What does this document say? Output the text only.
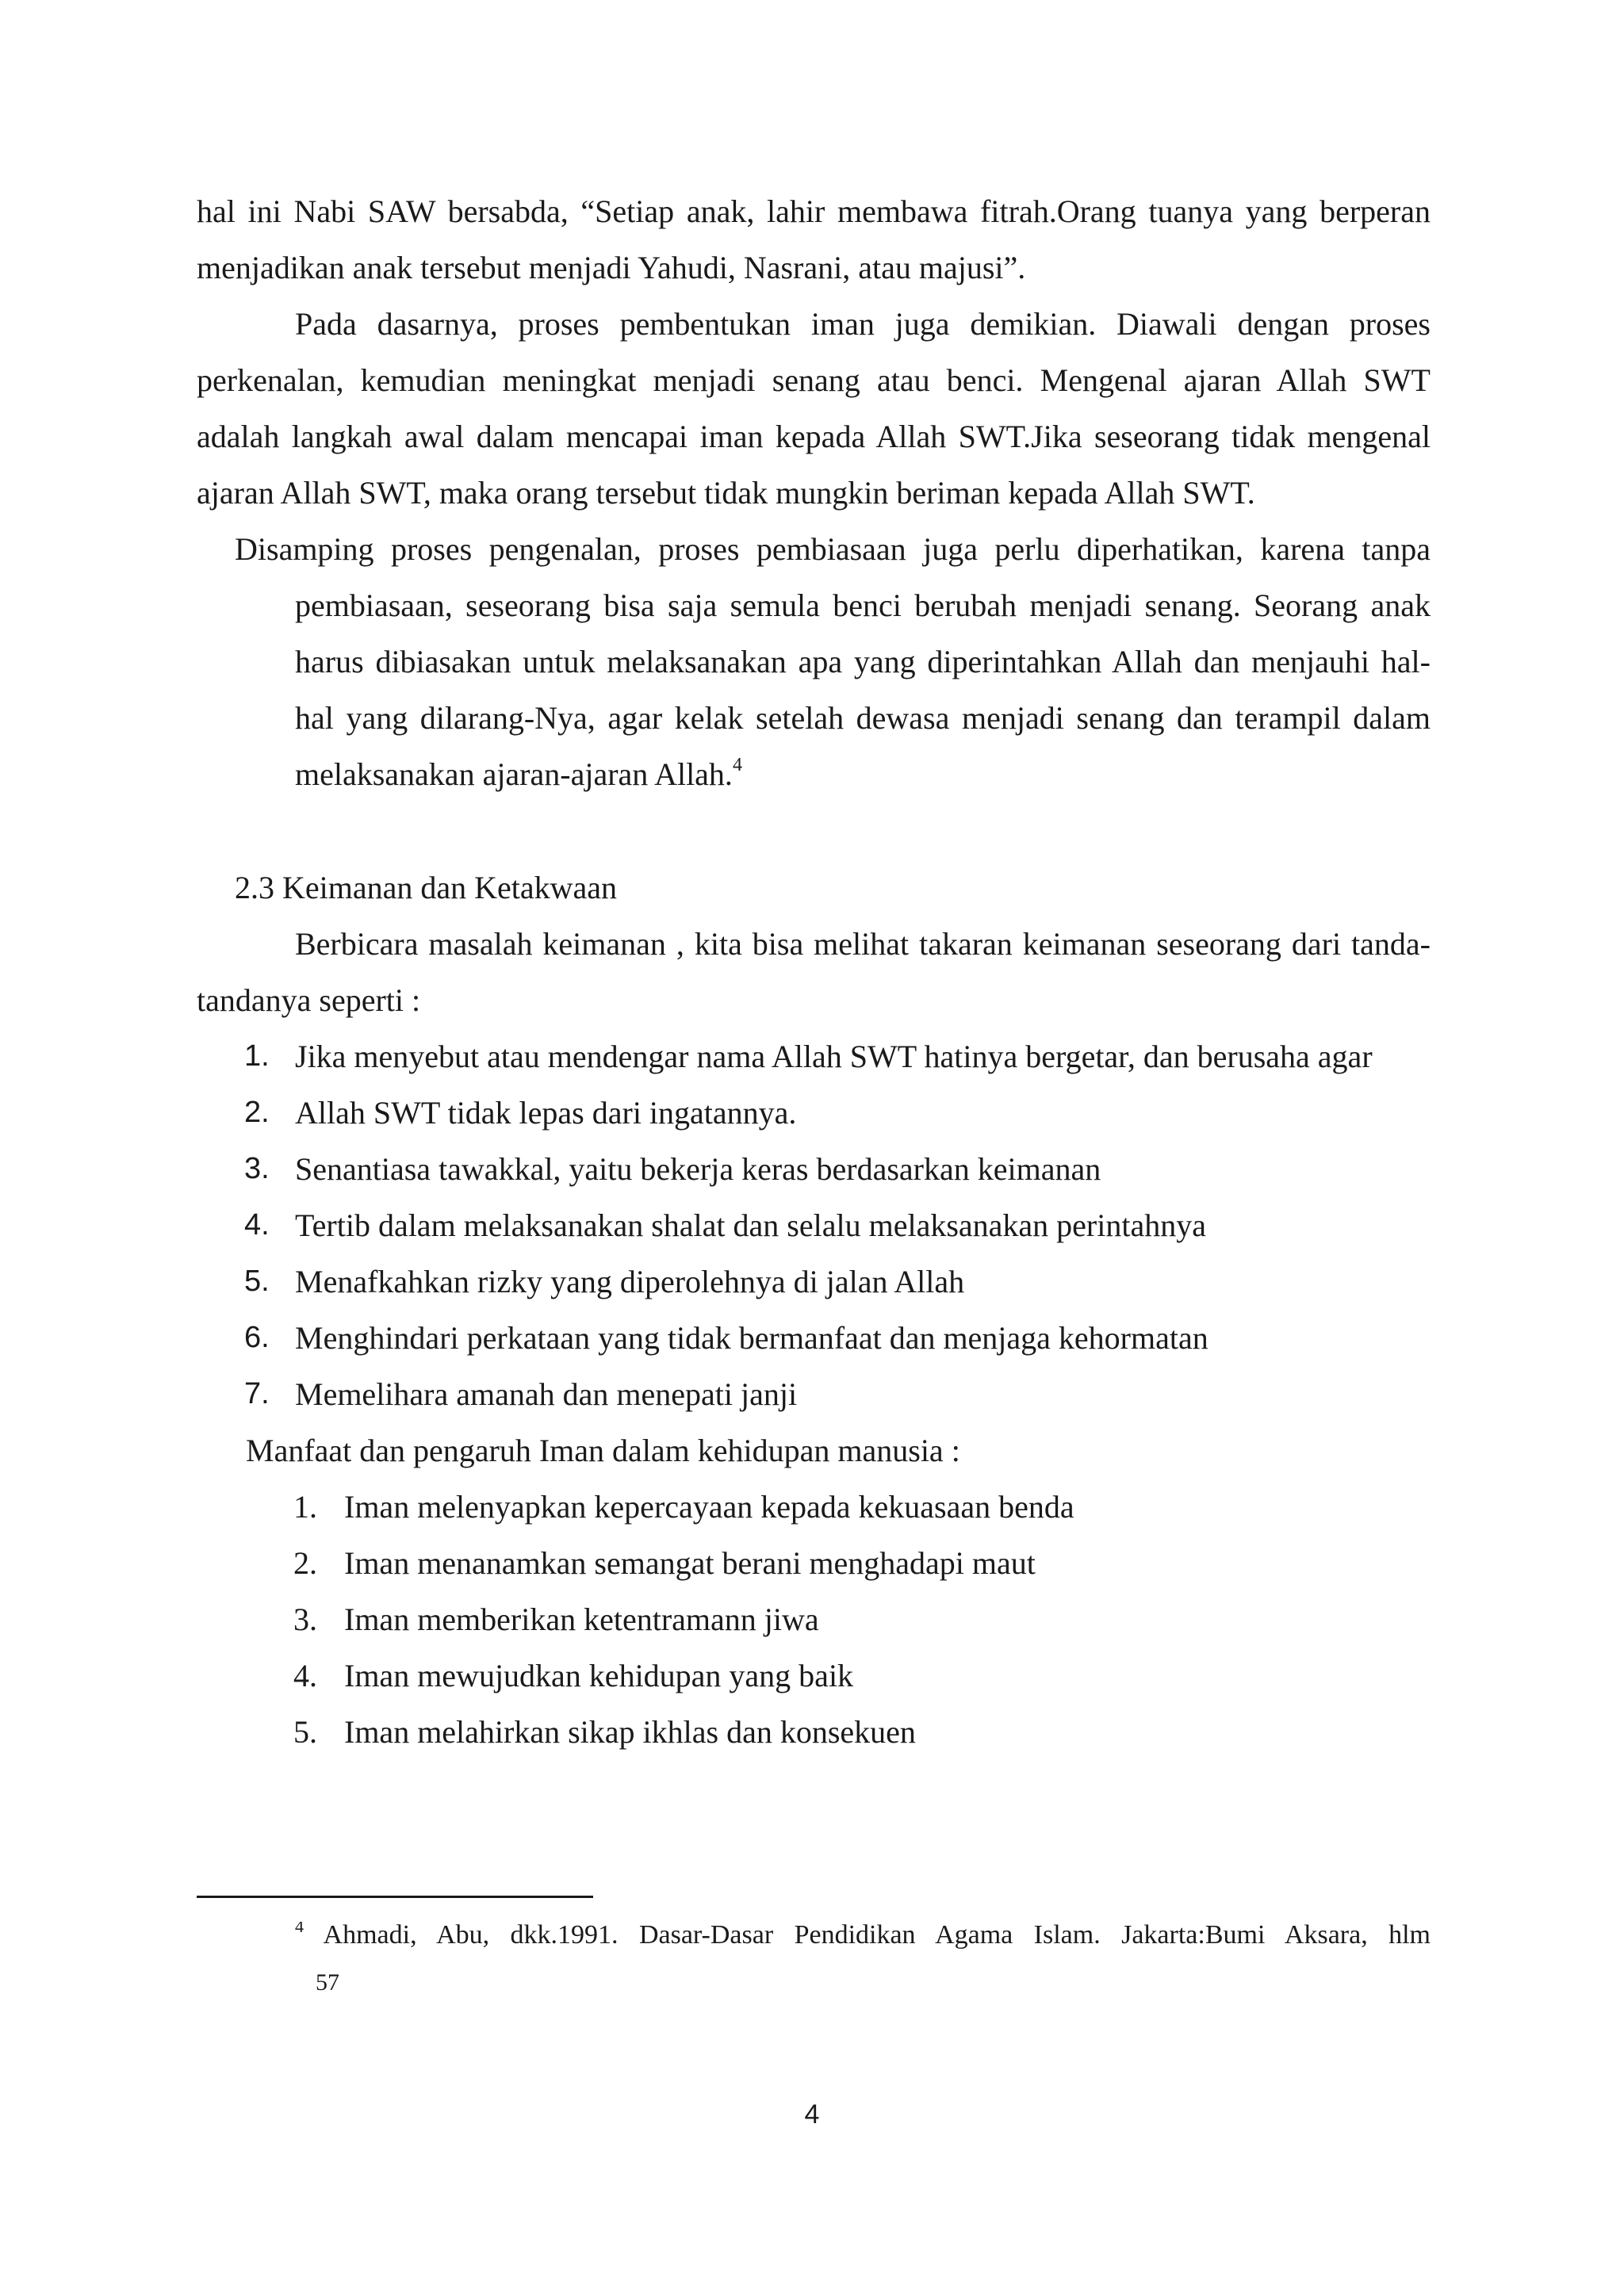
hal ini Nabi SAW bersabda, “Setiap anak, lahir membawa fitrah.Orang tuanya yang berperan
menjadikan anak tersebut menjadi Yahudi, Nasrani, atau majusi”.
Pada dasarnya, proses pembentukan iman juga demikian. Diawali dengan proses
perkenalan, kemudian meningkat menjadi senang atau benci. Mengenal ajaran Allah SWT
adalah langkah awal dalam mencapai iman kepada Allah SWT.Jika seseorang tidak mengenal
ajaran Allah SWT, maka orang tersebut tidak mungkin beriman kepada Allah SWT.
Disamping proses pengenalan, proses pembiasaan juga perlu diperhatikan, karena tanpa
pembiasaan, seseorang bisa saja semula benci berubah menjadi senang. Seorang anak
harus dibiasakan untuk melaksanakan apa yang diperintahkan Allah dan menjauhi hal-
hal yang dilarang-Nya, agar kelak setelah dewasa menjadi senang dan terampil dalam
melaksanakan ajaran-ajaran Allah.$^4$
2.3 Keimanan dan Ketakwaan
Berbicara masalah keimanan , kita bisa melihat takaran keimanan seseorang dari tanda-
tandanya seperti :
1. Jika menyebut atau mendengar nama Allah SWT hatinya bergetar, dan berusaha agar
2. Allah SWT tidak lepas dari ingatannya.
3. Senantiasa tawakkal, yaitu bekerja keras berdasarkan keimanan
4. Tertib dalam melaksanakan shalat dan selalu melaksanakan perintahnya
5. Menafkahkan rizky yang diperolehnya di jalan Allah
6. Menghindari perkataan yang tidak bermanfaat dan menjaga kehormatan
7. Memelihara amanah dan menepati janji
Manfaat dan pengaruh Iman dalam kehidupan manusia :
1. Iman melenyapkan kepercayaan kepada kekuasaan benda
2. Iman menanamkan semangat berani menghadapi maut
3. Iman memberikan ketentramann jiwa
4. Iman mewujudkan kehidupan yang baik
5. Iman melahirkan sikap ikhlas dan konsekuen
$^4$ Ahmadi, Abu, dkk.1991. Dasar-Dasar Pendidikan Agama Islam. Jakarta:Bumi Aksara, hlm
57
4
